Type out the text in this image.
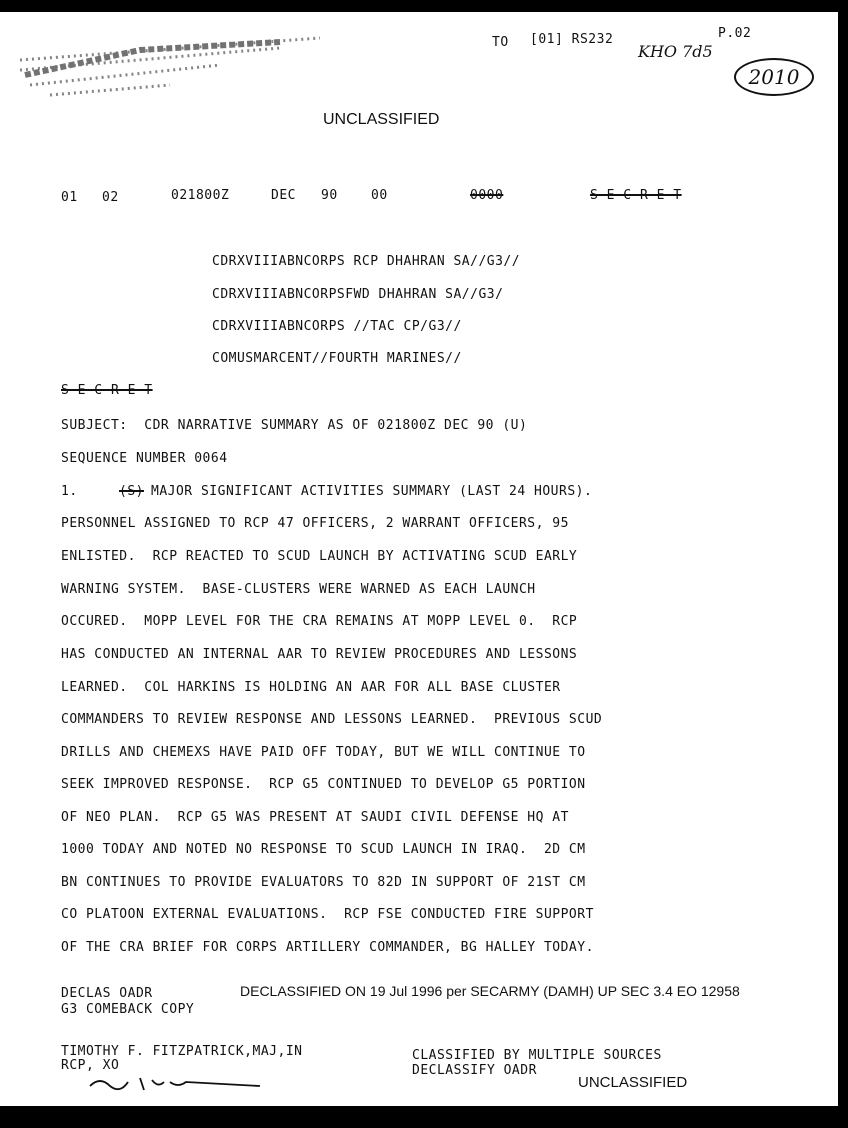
TO [01] RS232	P.02
KHO 7d5
2010
UNCLASSIFIED
01 02	021800Z	DEC 90	00	0000	S E C R E T
CDRXVIIIABNCORPS RCP DHAHRAN SA//G3//
CDRXVIIIABNCORPSFWD DHAHRAN SA//G3/
CDRXVIIIABNCORPS //TAC CP/G3//
COMUSMARCENT//FOURTH MARINES//
S E C R E T
SUBJECT:  CDR NARRATIVE SUMMARY AS OF 021800Z DEC 90 (U)
SEQUENCE NUMBER 0064
1.	(S) MAJOR SIGNIFICANT ACTIVITIES SUMMARY (LAST 24 HOURS).
PERSONNEL ASSIGNED TO RCP 47 OFFICERS, 2 WARRANT OFFICERS, 95
ENLISTED.  RCP REACTED TO SCUD LAUNCH BY ACTIVATING SCUD EARLY
WARNING SYSTEM.  BASE-CLUSTERS WERE WARNED AS EACH LAUNCH
OCCURED.  MOPP LEVEL FOR THE CRA REMAINS AT MOPP LEVEL 0.  RCP
HAS CONDUCTED AN INTERNAL AAR TO REVIEW PROCEDURES AND LESSONS
LEARNED.  COL HARKINS IS HOLDING AN AAR FOR ALL BASE CLUSTER
COMMANDERS TO REVIEW RESPONSE AND LESSONS LEARNED.  PREVIOUS SCUD
DRILLS AND CHEMEXS HAVE PAID OFF TODAY, BUT WE WILL CONTINUE TO
SEEK IMPROVED RESPONSE.  RCP G5 CONTINUED TO DEVELOP G5 PORTION
OF NEO PLAN.  RCP G5 WAS PRESENT AT SAUDI CIVIL DEFENSE HQ AT
1000 TODAY AND NOTED NO RESPONSE TO SCUD LAUNCH IN IRAQ.  2D CM
BN CONTINUES TO PROVIDE EVALUATORS TO 82D IN SUPPORT OF 21ST CM
CO PLATOON EXTERNAL EVALUATIONS.  RCP FSE CONDUCTED FIRE SUPPORT
OF THE CRA BRIEF FOR CORPS ARTILLERY COMMANDER, BG HALLEY TODAY.
DECLAS OADR	DECLASSIFIED ON 19 Jul 1996 per SECARMY (DAMH) UP SEC 3.4 EO 12958
G3 COMEBACK COPY
TIMOTHY F. FITZPATRICK,MAJ,IN
RCP, XO
CLASSIFIED BY MULTIPLE SOURCES
DECLASSIFY OADR
UNCLASSIFIED
